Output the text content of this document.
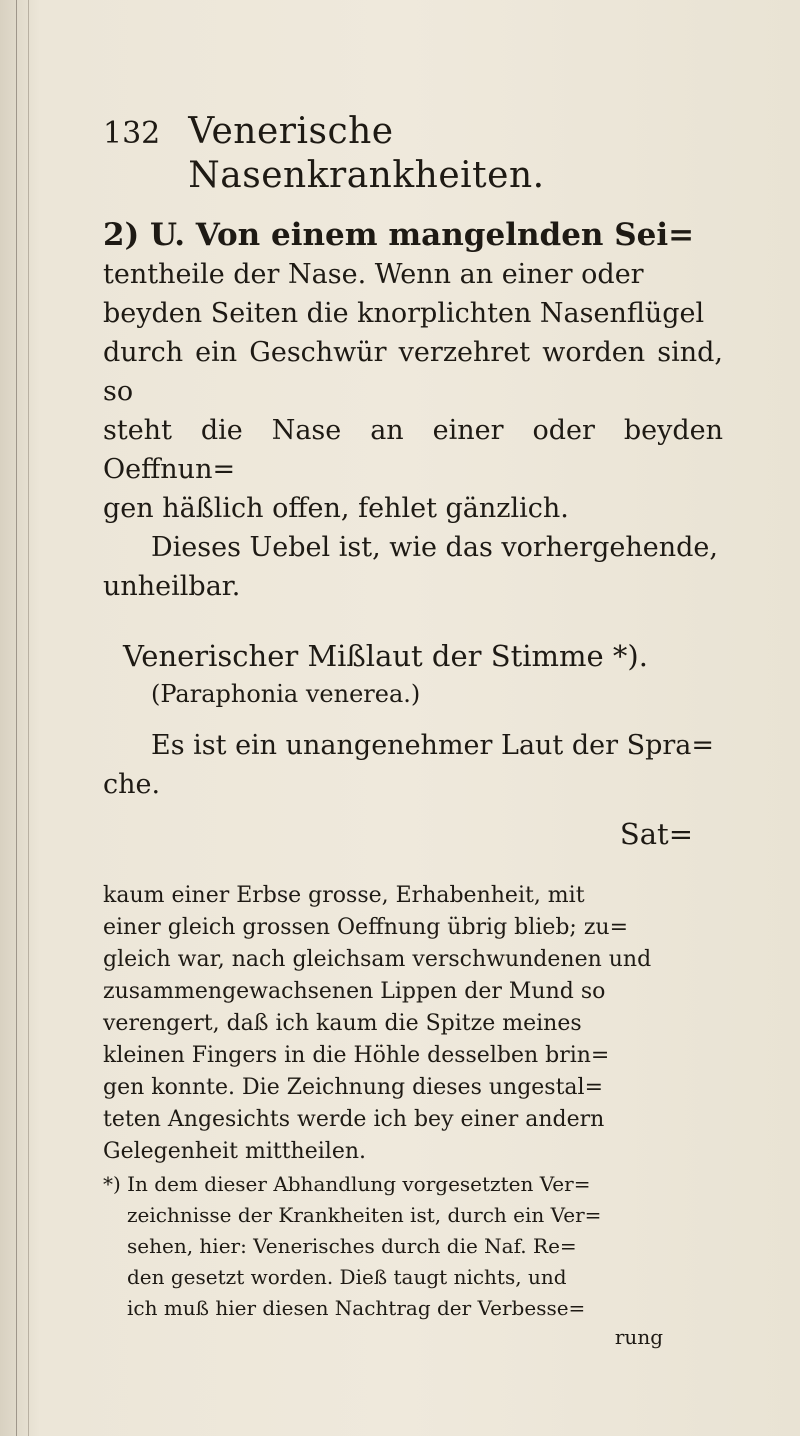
132 Venerische Nasenkrankheiten.

2) U. Von einem mangelnden Sei=

tentheile der Nase. Wenn an einer oder

beyden Seiten die knorplichten Nasenflügel

durch ein Geschwür verzehret worden sind, so

steht die Nase an einer oder beyden Oeffnun=

gen häßlich offen, fehlet gänzlich.

Dieses Uebel ist, wie das vorhergehende,

unheilbar.

Venerischer Mißlaut der Stimme *).

(Paraphonia venerea.)

Es ist ein unangenehmer Laut der Spra=

che.

Sat=

kaum einer Erbse grosse, Erhabenheit, mit

einer gleich grossen Oeffnung übrig blieb; zu=

gleich war, nach gleichsam verschwundenen und

zusammengewachsenen Lippen der Mund so

verengert, daß ich kaum die Spitze meines

kleinen Fingers in die Höhle desselben brin=

gen konnte. Die Zeichnung dieses ungestal=

teten Angesichts werde ich bey einer andern

Gelegenheit mittheilen.

*) In dem dieser Abhandlung vorgesetzten Ver=

zeichnisse der Krankheiten ist, durch ein Ver=

sehen, hier: Venerisches durch die Naf. Re=

den gesetzt worden. Dieß taugt nichts, und

ich muß hier diesen Nachtrag der Verbesse=

rung
